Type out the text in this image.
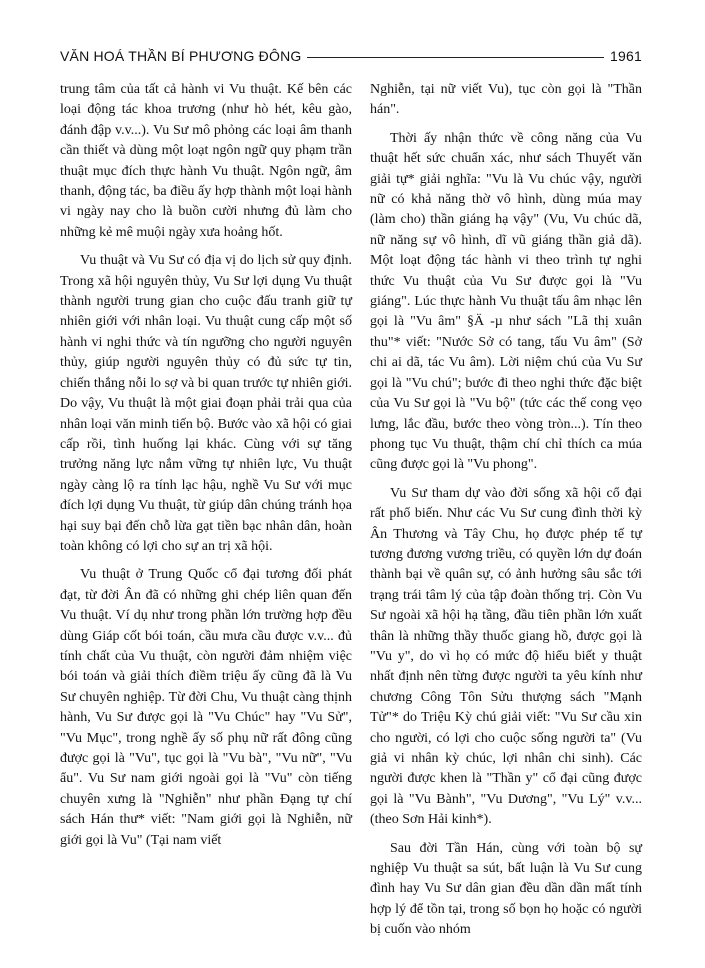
VĂN HOÁ THẦN BÍ PHƯƠNG ĐÔNG	1961

trung tâm của tất cả hành vi Vu thuật. Kế bên các loại động tác khoa trương (như hò hét, kêu gào, đánh đập v.v...). Vu Sư mô phỏng các loại âm thanh cần thiết và dùng một loạt ngôn ngữ quy phạm trần thuật mục đích thực hành Vu thuật. Ngôn ngữ, âm thanh, động tác, ba điều ấy hợp thành một loại hành vi ngày nay cho là buồn cười nhưng đủ làm cho những kẻ mê muội ngày xưa hoảng hốt.

Vu thuật và Vu Sư có địa vị do lịch sử quy định. Trong xã hội nguyên thủy, Vu Sư lợi dụng Vu thuật thành người trung gian cho cuộc đấu tranh giữ tự nhiên giới với nhân loại. Vu thuật cung cấp một số hành vi nghi thức và tín ngưỡng cho người nguyên thủy, giúp người nguyên thủy có đủ sức tự tin, chiến thắng nỗi lo sợ và bi quan trước tự nhiên giới. Do vậy, Vu thuật là một giai đoạn phải trải qua của nhân loại văn minh tiến bộ. Bước vào xã hội có giai cấp rồi, tình huống lại khác. Cùng với sự tăng trưởng năng lực nắm vững tự nhiên lực, Vu thuật ngày càng lộ ra tính lạc hậu, nghề Vu Sư với mục đích lợi dụng Vu thuật, từ giúp dân chúng tránh họa hại suy bại đến chỗ lừa gạt tiền bạc nhân dân, hoàn toàn không có lợi cho sự an trị xã hội.

Vu thuật ở Trung Quốc cổ đại tương đối phát đạt, từ đời Ân đã có những ghi chép liên quan đến Vu thuật. Ví dụ như trong phần lớn trường hợp đều dùng Giáp cốt bói toán, cầu mưa cầu được v.v... đủ tính chất của Vu thuật, còn người đảm nhiệm việc bói toán và giải thích điềm triệu ấy cũng đã là Vu Sư chuyên nghiệp. Từ đời Chu, Vu thuật càng thịnh hành, Vu Sư được gọi là "Vu Chúc" hay "Vu Sử", "Vu Mục", trong nghề ấy số phụ nữ rất đông cũng được gọi là "Vu", tục gọi là "Vu bà", "Vu nữ", "Vu ẩu". Vu Sư nam giới ngoài gọi là "Vu" còn tiếng chuyên xưng là "Nghiễn" như phần Đạng tự chí sách Hán thư* viết: "Nam giới gọi là Nghiễn, nữ giới gọi là Vu" (Tại nam viết

Nghiễn, tại nữ viết Vu), tục còn gọi là "Thần hán".

Thời ấy nhận thức về công năng của Vu thuật hết sức chuẩn xác, như sách Thuyết văn giải tự* giải nghĩa: "Vu là Vu chúc vậy, người nữ có khả năng thờ vô hình, dùng múa may (làm cho) thần giáng hạ vậy" (Vu, Vu chúc dã, nữ năng sự vô hình, dĩ vũ giáng thần giả dã). Một loạt động tác hành vi theo trình tự nghi thức Vu thuật của Vu Sư được gọi là "Vu giáng". Lúc thực hành Vu thuật tấu âm nhạc lên gọi là "Vu âm" §Ä -µ như sách "Lã thị xuân thu"* viết: "Nước Sở có tang, tấu Vu âm" (Sở chi ai dã, tác Vu âm). Lời niệm chú của Vu Sư gọi là "Vu chú"; bước đi theo nghi thức đặc biệt của Vu Sư gọi là "Vu bộ" (tức các thế cong vẹo lưng, lắc đầu, bước theo vòng tròn...). Tín theo phong tục Vu thuật, thậm chí chỉ thích ca múa cũng được gọi là "Vu phong".

Vu Sư tham dự vào đời sống xã hội cổ đại rất phổ biến. Như các Vu Sư cung đình thời kỳ Ân Thương và Tây Chu, họ được phép tế tự tương đương vương triều, có quyền lớn dự đoán thành bại về quân sự, có ảnh hưởng sâu sắc tới trạng trái tâm lý của tập đoàn thống trị. Còn Vu Sư ngoài xã hội hạ tầng, đầu tiên phần lớn xuất thân là những thầy thuốc giang hồ, được gọi là "Vu y", do vì họ có mức độ hiểu biết y thuật nhất định nên từng được người ta yêu kính như chương Công Tôn Sửu thượng sách "Mạnh Tử"* do Triệu Kỳ chú giải viết: "Vu Sư cầu xin cho người, có lợi cho cuộc sống người ta" (Vu giả vi nhân kỳ chúc, lợi nhân chi sinh). Các người được khen là "Thần y" cổ đại cũng được gọi là "Vu Bành", "Vu Dương", "Vu Lý" v.v... (theo Sơn Hải kinh*).

Sau đời Tần Hán, cùng với toàn bộ sự nghiệp Vu thuật sa sút, bất luận là Vu Sư cung đình hay Vu Sư dân gian đều dần dần mất tính hợp lý để tồn tại, trong số bọn họ hoặc có người bị cuốn vào nhóm
